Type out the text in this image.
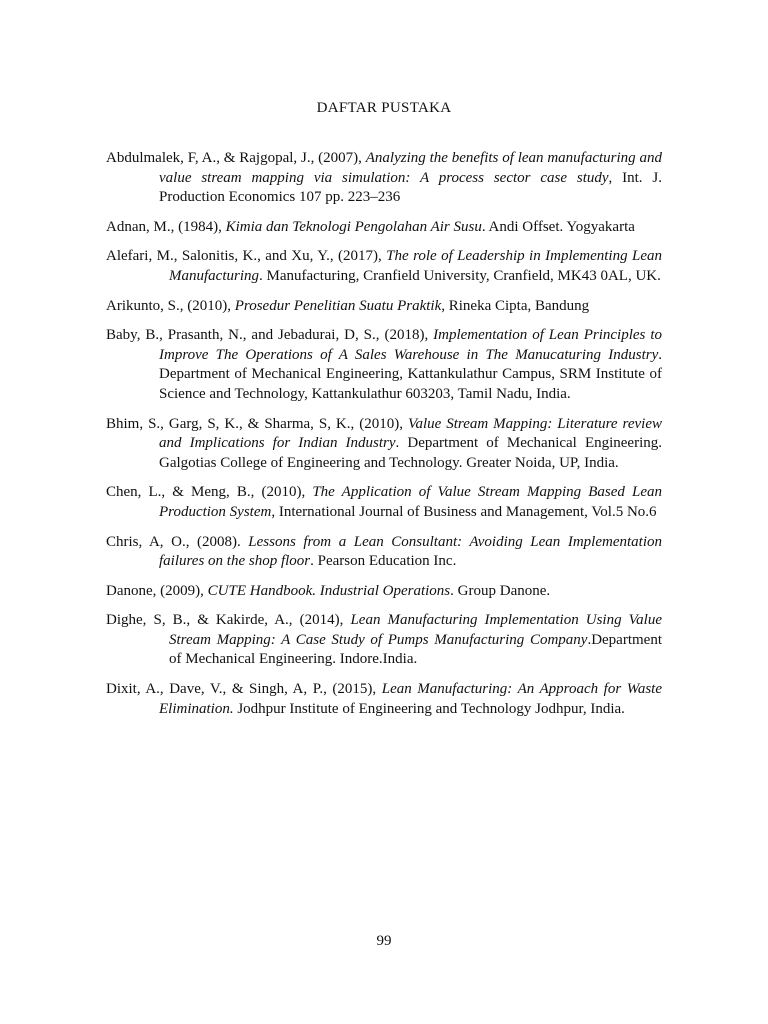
DAFTAR PUSTAKA

Abdulmalek, F, A., & Rajgopal, J., (2007), Analyzing the benefits of lean manufacturing and value stream mapping via simulation: A process sector case study, Int. J. Production Economics 107 pp. 223–236

Adnan, M., (1984), Kimia dan Teknologi Pengolahan Air Susu. Andi Offset. Yogyakarta

Alefari, M., Salonitis, K., and Xu, Y., (2017), The role of Leadership in Implementing Lean Manufacturing. Manufacturing, Cranfield University, Cranfield, MK43 0AL, UK.

Arikunto, S., (2010), Prosedur Penelitian Suatu Praktik, Rineka Cipta, Bandung

Baby, B., Prasanth, N., and Jebadurai, D, S., (2018), Implementation of Lean Principles to Improve The Operations of A Sales Warehouse in The Manucaturing Industry. Department of Mechanical Engineering, Kattankulathur Campus, SRM Institute of Science and Technology, Kattankulathur 603203, Tamil Nadu, India.

Bhim, S., Garg, S, K., & Sharma, S, K., (2010), Value Stream Mapping: Literature review and Implications for Indian Industry. Department of Mechanical Engineering. Galgotias College of Engineering and Technology. Greater Noida, UP, India.

Chen, L., & Meng, B., (2010), The Application of Value Stream Mapping Based Lean Production System, International Journal of Business and Management, Vol.5 No.6

Chris, A, O., (2008). Lessons from a Lean Consultant: Avoiding Lean Implementation failures on the shop floor. Pearson Education Inc.

Danone, (2009), CUTE Handbook. Industrial Operations. Group Danone.

Dighe, S, B., & Kakirde, A., (2014), Lean Manufacturing Implementation Using Value Stream Mapping: A Case Study of Pumps Manufacturing Company.Department of Mechanical Engineering. Indore.India.

Dixit, A., Dave, V., & Singh, A, P., (2015), Lean Manufacturing: An Approach for Waste Elimination. Jodhpur Institute of Engineering and Technology Jodhpur, India.

99
